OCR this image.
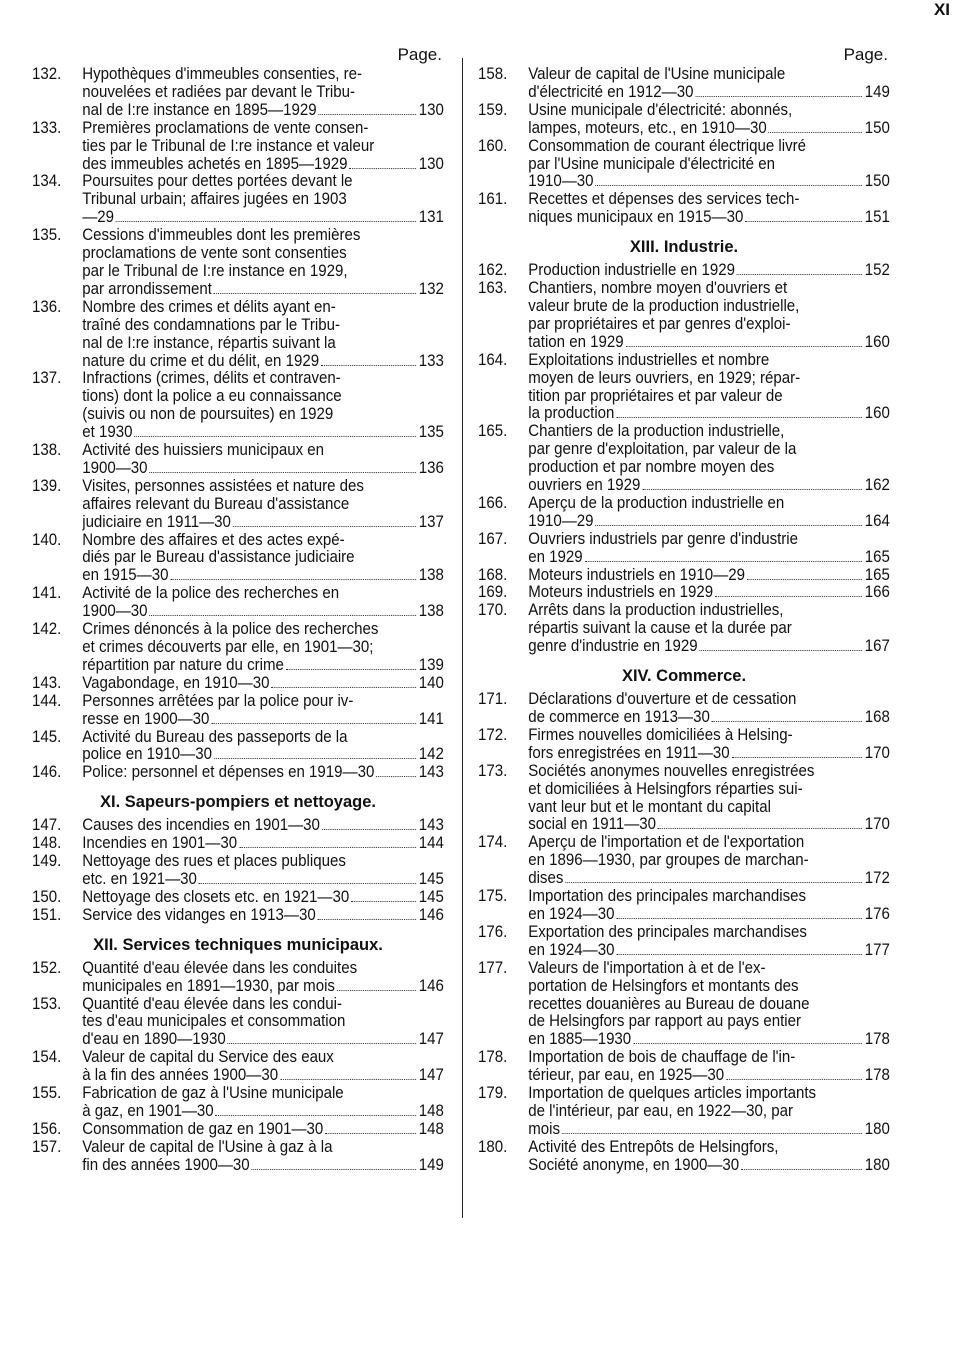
XI
Page.
132.	Hypothèques d'immeubles consenties, re-
nouvelées et radiées par devant le Tribu-
nal de I:re instance en 1895—1929	130
133.	Premières proclamations de vente consen-
ties par le Tribunal de I:re instance et valeur
des immeubles achetés en 1895—1929	130
134.	Poursuites pour dettes portées devant le
Tribunal urbain; affaires jugées en 1903
—29	131
135.	Cessions d'immeubles dont les premières
proclamations de vente sont consenties
par le Tribunal de I:re instance en 1929,
par arrondissement	132
136.	Nombre des crimes et délits ayant en-
traîné des condamnations par le Tribu-
nal de I:re instance, répartis suivant la
nature du crime et du délit, en 1929	133
137.	Infractions (crimes, délits et contraven-
tions) dont la police a eu connaissance
(suivis ou non de poursuites) en 1929
et 1930	135
138.	Activité des huissiers municipaux en
1900—30	136
139.	Visites, personnes assistées et nature des
affaires relevant du Bureau d'assistance
judiciaire en 1911—30	137
140.	Nombre des affaires et des actes expé-
diés par le Bureau d'assistance judiciaire
en 1915—30	138
141.	Activité de la police des recherches en
1900—30	138
142.	Crimes dénoncés à la police des recherches
et crimes découverts par elle, en 1901—30;
répartition par nature du crime	139
143.	Vagabondage, en 1910—30	140
144.	Personnes arrêtées par la police pour iv-
resse en 1900—30	141
145.	Activité du Bureau des passeports de la
police en 1910—30	142
146.	Police: personnel et dépenses en 1919—30	143
XI. Sapeurs-pompiers et nettoyage.
147.	Causes des incendies en 1901—30	143
148.	Incendies en 1901—30	144
149.	Nettoyage des rues et places publiques
etc. en 1921—30	145
150.	Nettoyage des closets etc. en 1921—30	145
151.	Service des vidanges en 1913—30	146
XII. Services techniques municipaux.
152.	Quantité d'eau élevée dans les conduites
municipales en 1891—1930, par mois	146
153.	Quantité d'eau élevée dans les condui-
tes d'eau municipales et consommation
d'eau en 1890—1930	147
154.	Valeur de capital du Service des eaux
à la fin des années 1900—30	147
155.	Fabrication de gaz à l'Usine municipale
à gaz, en 1901—30	148
156.	Consommation de gaz en 1901—30	148
157.	Valeur de capital de l'Usine à gaz à la
fin des années 1900—30	149
Page.
158.	Valeur de capital de l'Usine municipale
d'électricité en 1912—30	149
159.	Usine municipale d'électricité: abonnés,
lampes, moteurs, etc., en 1910—30	150
160.	Consommation de courant électrique livré
par l'Usine municipale d'électricité en
1910—30	150
161.	Recettes et dépenses des services tech-
niques municipaux en 1915—30	151
XIII. Industrie.
162.	Production industrielle en 1929	152
163.	Chantiers, nombre moyen d'ouvriers et
valeur brute de la production industrielle,
par propriétaires et par genres d'exploi-
tation en 1929	160
164.	Exploitations industrielles et nombre
moyen de leurs ouvriers, en 1929; répar-
tition par propriétaires et par valeur de
la production	160
165.	Chantiers de la production industrielle,
par genre d'exploitation, par valeur de la
production et par nombre moyen des
ouvriers en 1929	162
166.	Aperçu de la production industrielle en
1910—29	164
167.	Ouvriers industriels par genre d'industrie
en 1929	165
168.	Moteurs industriels en 1910—29	165
169.	Moteurs industriels en 1929	166
170.	Arrêts dans la production industrielles,
répartis suivant la cause et la durée par
genre d'industrie en 1929	167
XIV. Commerce.
171.	Déclarations d'ouverture et de cessation
de commerce en 1913—30	168
172.	Firmes nouvelles domiciliées à Helsing-
fors enregistrées en 1911—30	170
173.	Sociétés anonymes nouvelles enregistrées
et domiciliées à Helsingfors réparties sui-
vant leur but et le montant du capital
social en 1911—30	170
174.	Aperçu de l'importation et de l'exportation
en 1896—1930, par groupes de marchan-
dises	172
175.	Importation des principales marchandises
en 1924—30	176
176.	Exportation des principales marchandises
en 1924—30	177
177.	Valeurs de l'importation à et de l'ex-
portation de Helsingfors et montants des
recettes douanières au Bureau de douane
de Helsingfors par rapport au pays entier
en 1885—1930	178
178.	Importation de bois de chauffage de l'in-
térieur, par eau, en 1925—30	178
179.	Importation de quelques articles importants
de l'intérieur, par eau, en 1922—30, par
mois	180
180.	Activité des Entrepôts de Helsingfors,
Société anonyme, en 1900—30	180
